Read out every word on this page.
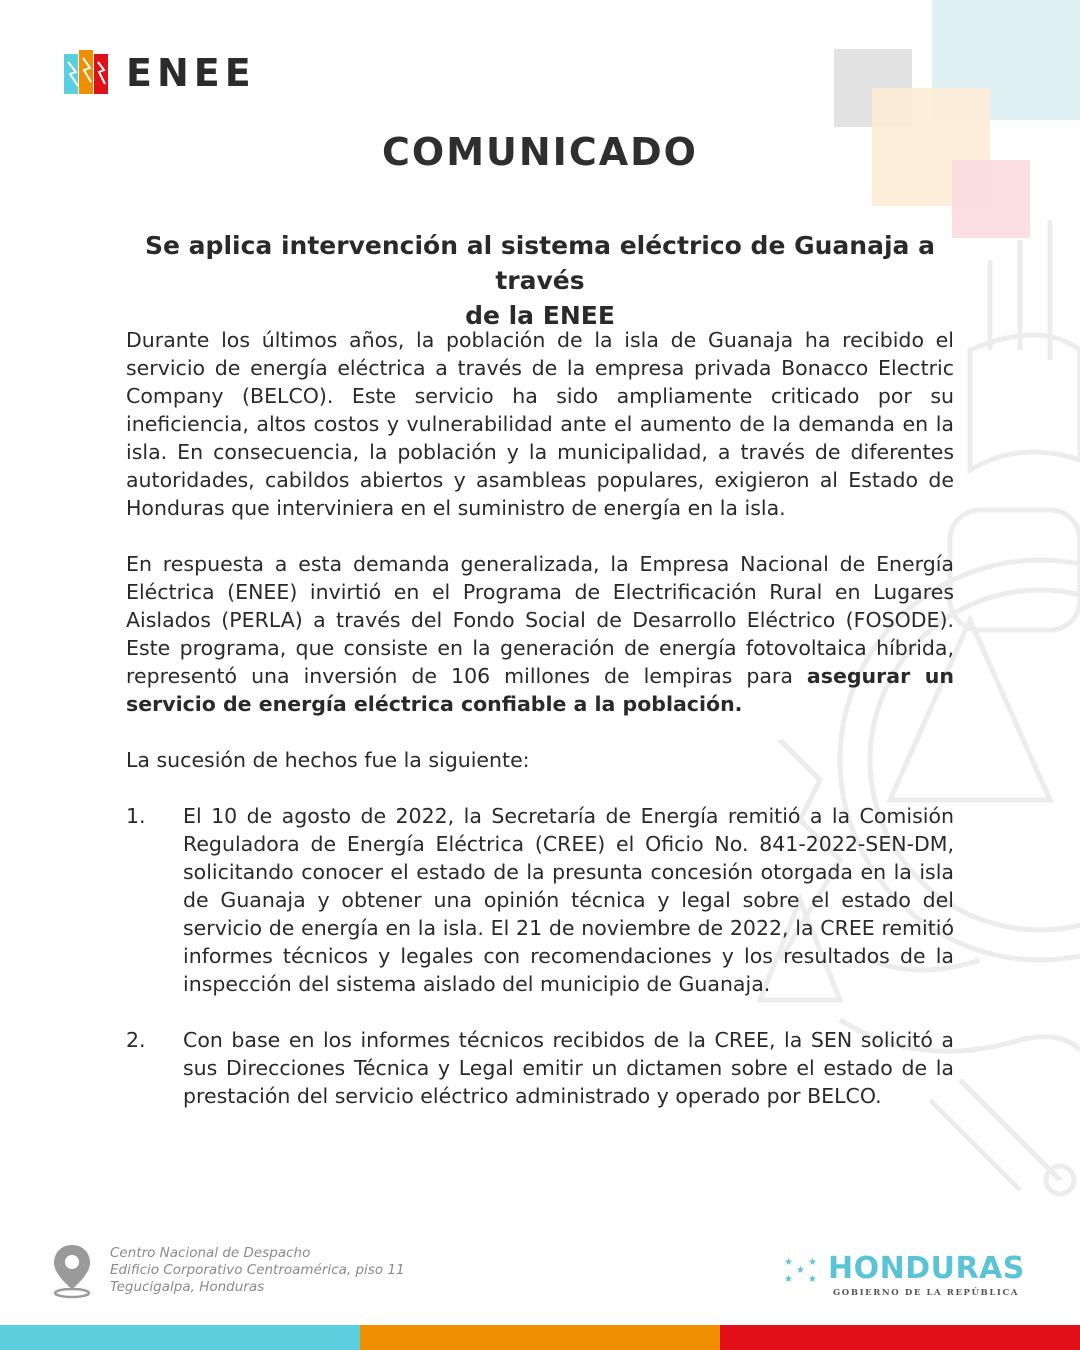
ENEE
COMUNICADO
Se aplica intervención al sistema eléctrico de Guanaja a través
de la ENEE

Durante los últimos años, la población de la isla de Guanaja ha recibido el servicio de energía eléctrica a través de la empresa privada Bonacco Electric Company (BELCO). Este servicio ha sido ampliamente criticado por su ineficiencia, altos costos y vulnerabilidad ante el aumento de la demanda en la isla. En consecuencia, la población y la municipalidad, a través de diferentes autoridades, cabildos abiertos y asambleas populares, exigieron al Estado de Honduras que interviniera en el suministro de energía en la isla.

En respuesta a esta demanda generalizada, la Empresa Nacional de Energía Eléctrica (ENEE) invirtió en el Programa de Electrificación Rural en Lugares Aislados (PERLA) a través del Fondo Social de Desarrollo Eléctrico (FOSODE). Este programa, que consiste en la generación de energía fotovoltaica híbrida, representó una inversión de 106 millones de lempiras para asegurar un servicio de energía eléctrica confiable a la población.

La sucesión de hechos fue la siguiente:

1.	El 10 de agosto de 2022, la Secretaría de Energía remitió a la Comisión Reguladora de Energía Eléctrica (CREE) el Oficio No. 841-2022-SEN-DM, solicitando conocer el estado de la presunta concesión otorgada en la isla de Guanaja y obtener una opinión técnica y legal sobre el estado del servicio de energía en la isla. El 21 de noviembre de 2022, la CREE remitió informes técnicos y legales con recomendaciones y los resultados de la inspección del sistema aislado del municipio de Guanaja.
2.	Con base en los informes técnicos recibidos de la CREE, la SEN solicitó a sus Direcciones Técnica y Legal emitir un dictamen sobre el estado de la prestación del servicio eléctrico administrado y operado por BELCO.
Centro Nacional de Despacho
Edificio Corporativo Centroamérica, piso 11
Tegucigalpa, Honduras
★ ★
★
★ ★ HONDURAS
GOBIERNO DE LA REPÚBLICA
